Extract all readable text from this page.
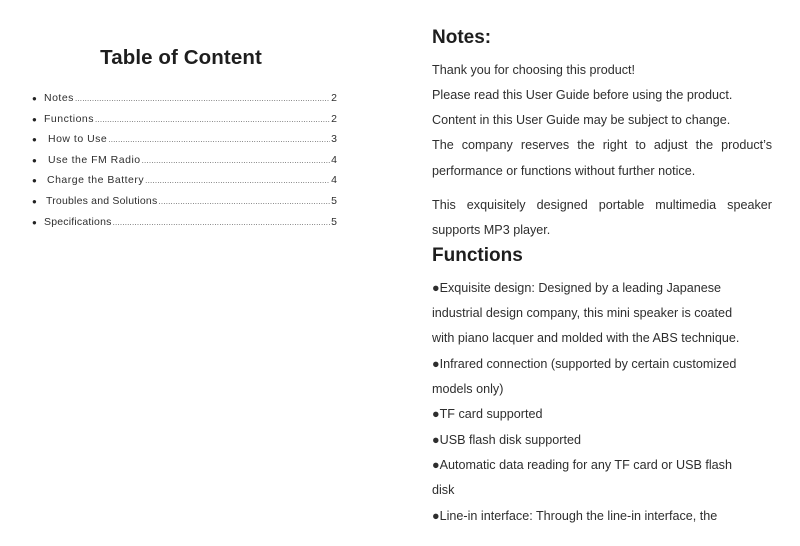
Table of Content
● Notes .....	2
● Functions .....	2
●	How to Use .....	3
●	Use the FM Radio .....	4
● Charge the Battery .....	4
● Troubles and Solutions .....	5
● Specifications .....	5
Notes:
Thank you for choosing this product!
Please read this User Guide before using the product.
Content in this User Guide may be subject to change.
The company reserves the right to adjust the product’s
performance or functions without further notice.
This exquisitely designed portable multimedia speaker
supports MP3 player.
Functions
●Exquisite design: Designed by a leading Japanese
industrial design company, this mini speaker is coated
with piano lacquer and molded with the ABS technique.
●Infrared connection (supported by certain customized
models only)
●TF card supported
●USB flash disk supported
●Automatic data reading for any TF card or USB flash
disk
●Line-in interface: Through the line-in interface, the
